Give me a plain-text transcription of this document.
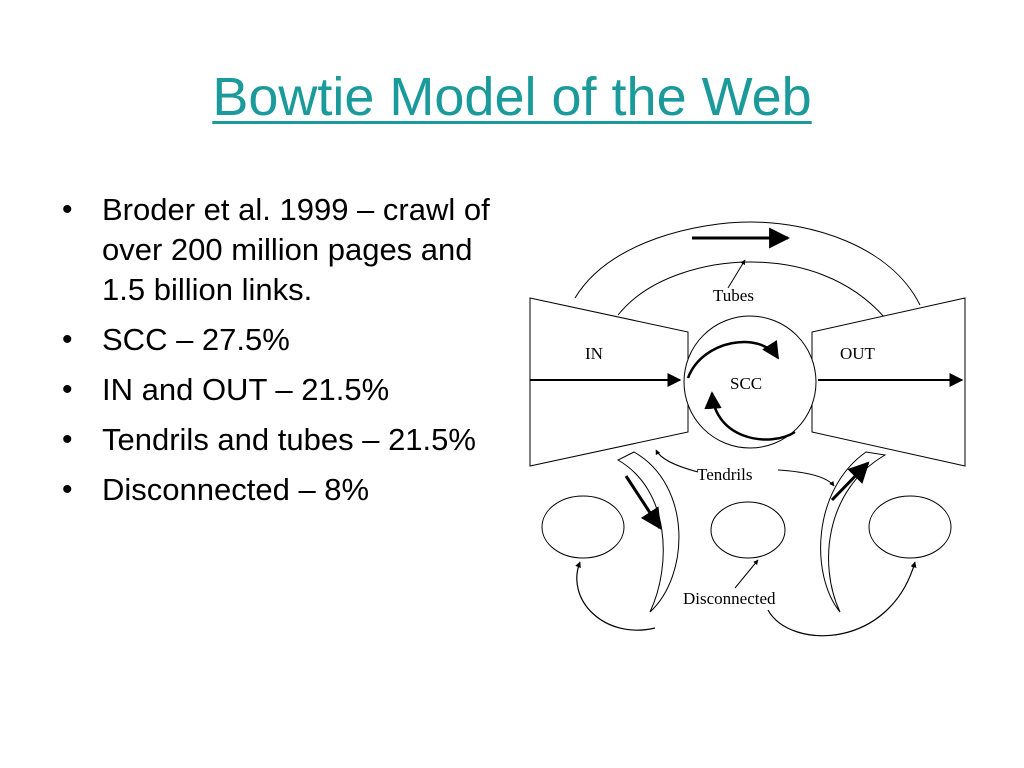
Bowtie Model of the Web
• Broder et al. 1999 – crawl of over 200 million pages and 1.5 billion links.
• SCC – 27.5%
• IN and OUT – 21.5%
• Tendrils and tubes – 21.5%
• Disconnected – 8%
Tubes
IN	OUT
SCC
Tendrils
Disconnected
